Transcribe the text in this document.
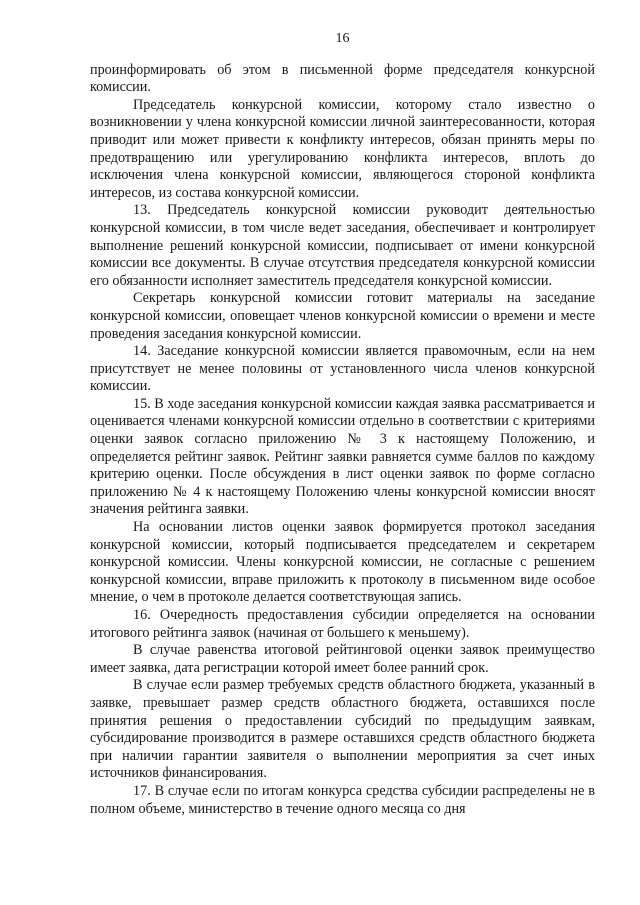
16

проинформировать об этом в письменной форме председателя конкурсной комиссии.

Председатель конкурсной комиссии, которому стало известно о возникновении у члена конкурсной комиссии личной заинтересованности, которая приводит или может привести к конфликту интересов, обязан принять меры по предотвращению или урегулированию конфликта интересов, вплоть до исключения члена конкурсной комиссии, являющегося стороной конфликта интересов, из состава конкурсной комиссии.

13. Председатель конкурсной комиссии руководит деятельностью конкурсной комиссии, в том числе ведет заседания, обеспечивает и контролирует выполнение решений конкурсной комиссии, подписывает от имени конкурсной комиссии все документы. В случае отсутствия председателя конкурсной комиссии его обязанности исполняет заместитель председателя конкурсной комиссии.

Секретарь конкурсной комиссии готовит материалы на заседание конкурсной комиссии, оповещает членов конкурсной комиссии о времени и месте проведения заседания конкурсной комиссии.

14. Заседание конкурсной комиссии является правомочным, если на нем присутствует не менее половины от установленного числа членов конкурсной комиссии.

15. В ходе заседания конкурсной комиссии каждая заявка рассматривается и оценивается членами конкурсной комиссии отдельно в соответствии с критериями оценки заявок согласно приложению № 3 к настоящему Положению, и определяется рейтинг заявок. Рейтинг заявки равняется сумме баллов по каждому критерию оценки. После обсуждения в лист оценки заявок по форме согласно приложению № 4 к настоящему Положению члены конкурсной комиссии вносят значения рейтинга заявки.

На основании листов оценки заявок формируется протокол заседания конкурсной комиссии, который подписывается председателем и секретарем конкурсной комиссии. Члены конкурсной комиссии, не согласные с решением конкурсной комиссии, вправе приложить к протоколу в письменном виде особое мнение, о чем в протоколе делается соответствующая запись.

16. Очередность предоставления субсидии определяется на основании итогового рейтинга заявок (начиная от большего к меньшему).

В случае равенства итоговой рейтинговой оценки заявок преимущество имеет заявка, дата регистрации которой имеет более ранний срок.

В случае если размер требуемых средств областного бюджета, указанный в заявке, превышает размер средств областного бюджета, оставшихся после принятия решения о предоставлении субсидий по предыдущим заявкам, субсидирование производится в размере оставшихся средств областного бюджета при наличии гарантии заявителя о выполнении мероприятия за счет иных источников финансирования.

17. В случае если по итогам конкурса средства субсидии распределены не в полном объеме, министерство в течение одного месяца со дня
